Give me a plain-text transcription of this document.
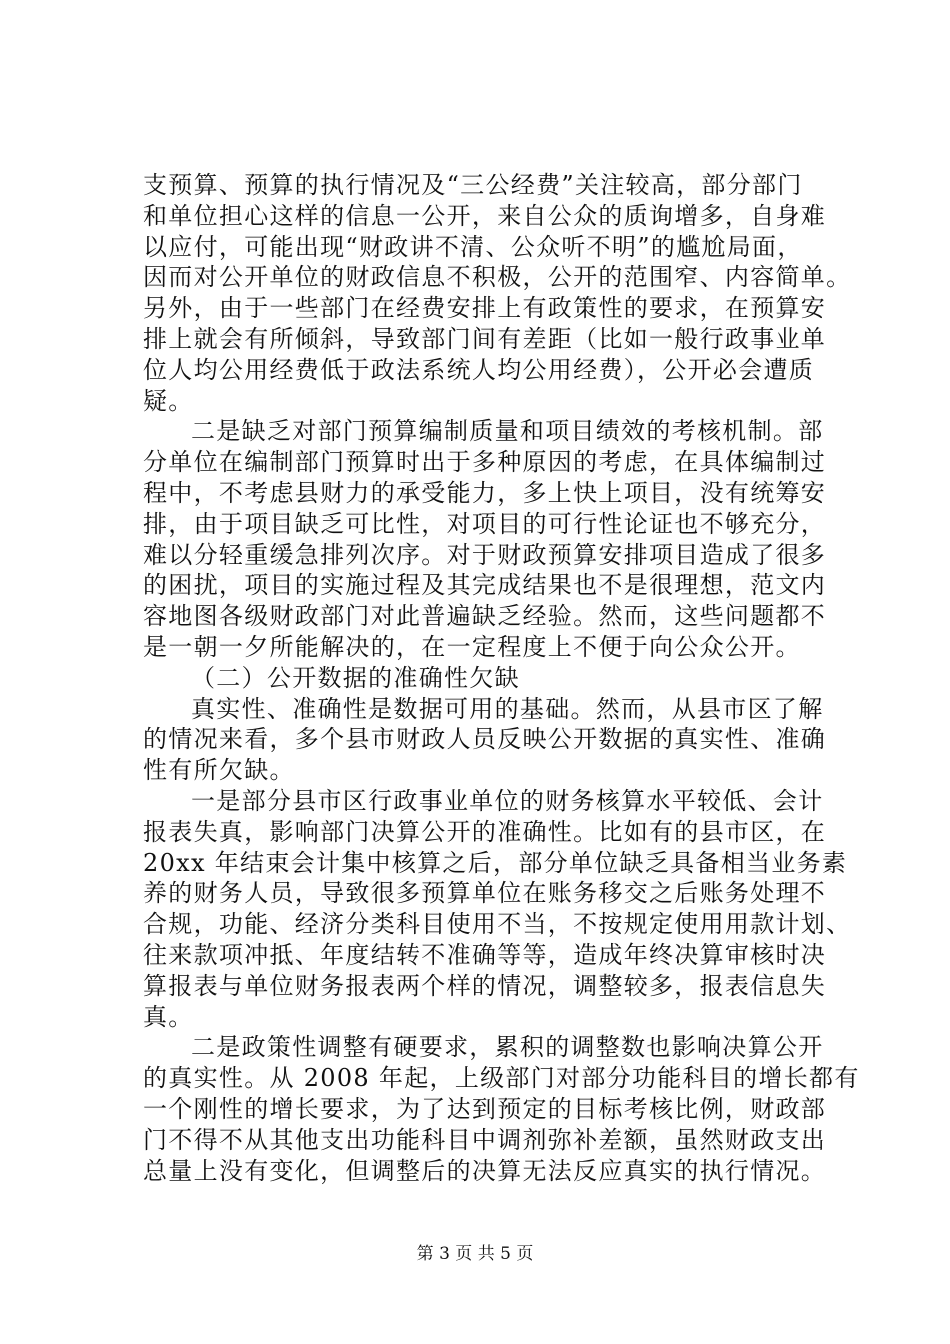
支预算、预算的执行情况及“三公经费”关注较高，部分部门
和单位担心这样的信息一公开，来自公众的质询增多，自身难
以应付，可能出现“财政讲不清、公众听不明”的尴尬局面，
因而对公开单位的财政信息不积极，公开的范围窄、内容简单。
另外，由于一些部门在经费安排上有政策性的要求，在预算安
排上就会有所倾斜，导致部门间有差距（比如一般行政事业单
位人均公用经费低于政法系统人均公用经费），公开必会遭质
疑。
二是缺乏对部门预算编制质量和项目绩效的考核机制。部
分单位在编制部门预算时出于多种原因的考虑，在具体编制过
程中，不考虑县财力的承受能力，多上快上项目，没有统筹安
排，由于项目缺乏可比性，对项目的可行性论证也不够充分，
难以分轻重缓急排列次序。对于财政预算安排项目造成了很多
的困扰，项目的实施过程及其完成结果也不是很理想，范文内
容地图各级财政部门对此普遍缺乏经验。然而，这些问题都不
是一朝一夕所能解决的，在一定程度上不便于向公众公开。
（二）公开数据的准确性欠缺
真实性、准确性是数据可用的基础。然而，从县市区了解
的情况来看，多个县市财政人员反映公开数据的真实性、准确
性有所欠缺。
一是部分县市区行政事业单位的财务核算水平较低、会计
报表失真，影响部门决算公开的准确性。比如有的县市区，在
20xx 年结束会计集中核算之后，部分单位缺乏具备相当业务素
养的财务人员，导致很多预算单位在账务移交之后账务处理不
合规，功能、经济分类科目使用不当，不按规定使用用款计划、
往来款项冲抵、年度结转不准确等等，造成年终决算审核时决
算报表与单位财务报表两个样的情况，调整较多，报表信息失
真。
二是政策性调整有硬要求，累积的调整数也影响决算公开
的真实性。从 2008 年起，上级部门对部分功能科目的增长都有
一个刚性的增长要求，为了达到预定的目标考核比例，财政部
门不得不从其他支出功能科目中调剂弥补差额，虽然财政支出
总量上没有变化，但调整后的决算无法反应真实的执行情况。
第 3 页 共 5 页
